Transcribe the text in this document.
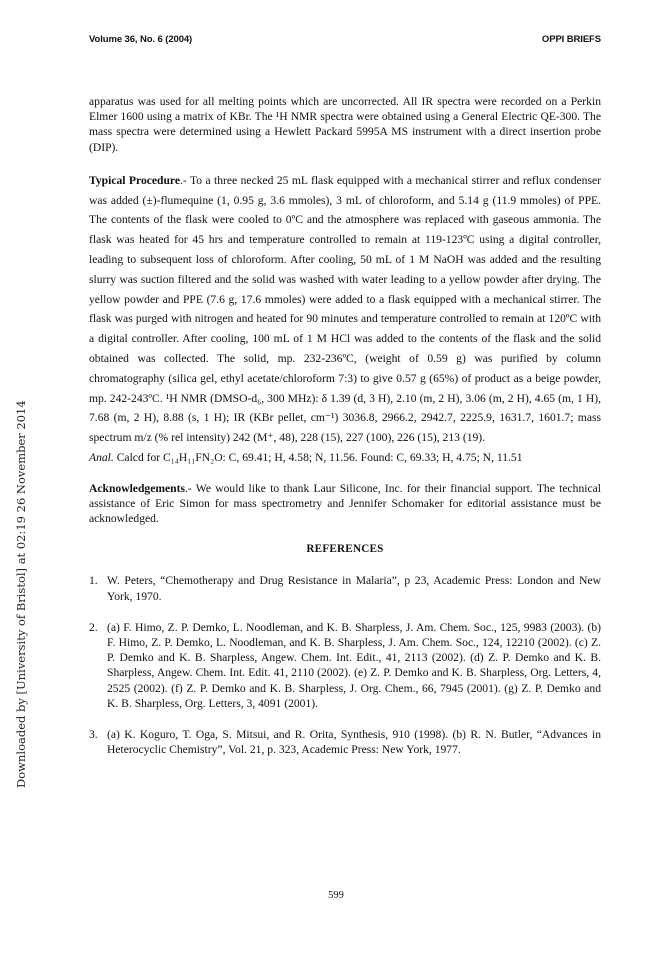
Volume 36, No. 6 (2004)	OPPI BRIEFS
Downloaded by [University of Bristol] at 02:19 26 November 2014

apparatus was used for all melting points which are uncorrected. All IR spectra were recorded on a Perkin Elmer 1600 using a matrix of KBr. The ¹H NMR spectra were obtained using a General Electric QE-300. The mass spectra were determined using a Hewlett Packard 5995A MS instrument with a direct insertion probe (DIP).

Typical Procedure.- To a three necked 25 mL flask equipped with a mechanical stirrer and reflux condenser was added (±)-flumequine (1, 0.95 g, 3.6 mmoles), 3 mL of chloroform, and 5.14 g (11.9 mmoles) of PPE. The contents of the flask were cooled to 0ºC and the atmosphere was replaced with gaseous ammonia. The flask was heated for 45 hrs and temperature controlled to remain at 119-123ºC using a digital controller, leading to subsequent loss of chloroform. After cooling, 50 mL of 1 M NaOH was added and the resulting slurry was suction filtered and the solid was washed with water leading to a yellow powder after drying. The yellow powder and PPE (7.6 g, 17.6 mmoles) were added to a flask equipped with a mechanical stirrer. The flask was purged with nitrogen and heated for 90 minutes and temperature controlled to remain at 120ºC with a digital controller. After cooling, 100 mL of 1 M HCl was added to the contents of the flask and the solid obtained was collected. The solid, mp. 232-236ºC, (weight of 0.59 g) was purified by column chromatography (silica gel, ethyl acetate/chloroform 7:3) to give 0.57 g (65%) of product as a beige powder, mp. 242-243ºC. ¹H NMR (DMSO-d₆, 300 MHz): δ 1.39 (d, 3 H), 2.10 (m, 2 H), 3.06 (m, 2 H), 4.65 (m, 1 H), 7.68 (m, 2 H), 8.88 (s, 1 H); IR (KBr pellet, cm⁻¹) 3036.8, 2966.2, 2942.7, 2225.9, 1631.7, 1601.7; mass spectrum m/z (% rel intensity) 242 (M⁺, 48), 228 (15), 227 (100), 226 (15), 213 (19).

Anal. Calcd for C₁₄H₁₁FN₂O: C, 69.41; H, 4.58; N, 11.56. Found: C, 69.33; H, 4.75; N, 11.51

Acknowledgements.- We would like to thank Laur Silicone, Inc. for their financial support. The technical assistance of Eric Simon for mass spectrometry and Jennifer Schomaker for editorial assistance must be acknowledged.

REFERENCES

1. W. Peters, “Chemotherapy and Drug Resistance in Malaria”, p 23, Academic Press: London and New York, 1970.
2. (a) F. Himo, Z. P. Demko, L. Noodleman, and K. B. Sharpless, J. Am. Chem. Soc., 125, 9983 (2003). (b) F. Himo, Z. P. Demko, L. Noodleman, and K. B. Sharpless, J. Am. Chem. Soc., 124, 12210 (2002). (c) Z. P. Demko and K. B. Sharpless, Angew. Chem. Int. Edit., 41, 2113 (2002). (d) Z. P. Demko and K. B. Sharpless, Angew. Chem. Int. Edit. 41, 2110 (2002). (e) Z. P. Demko and K. B. Sharpless, Org. Letters, 4, 2525 (2002). (f) Z. P. Demko and K. B. Sharpless, J. Org. Chem., 66, 7945 (2001). (g) Z. P. Demko and K. B. Sharpless, Org. Letters, 3, 4091 (2001).
3. (a) K. Koguro, T. Oga, S. Mitsui, and R. Orita, Synthesis, 910 (1998). (b) R. N. Butler, “Advances in Heterocyclic Chemistry”, Vol. 21, p. 323, Academic Press: New York, 1977.
599
